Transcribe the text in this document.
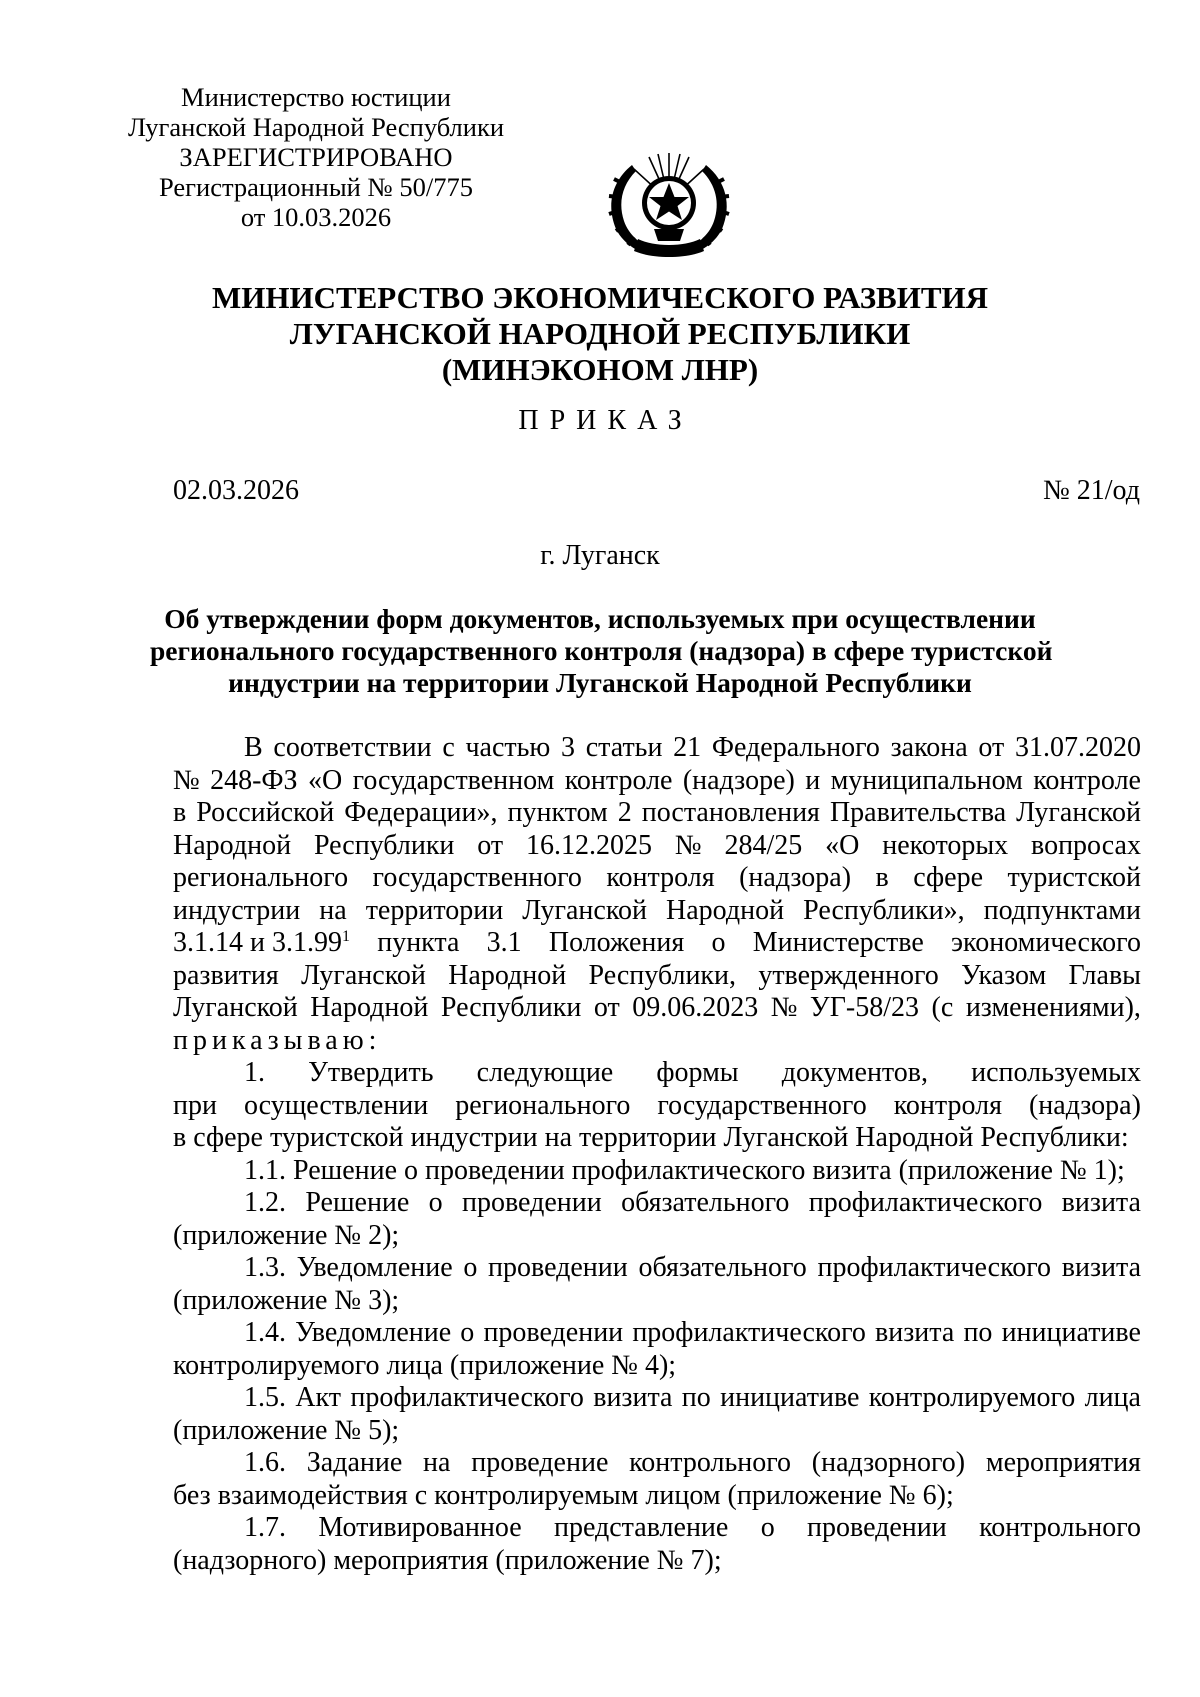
Министерство юстиции
Луганской Народной Республики
ЗАРЕГИСТРИРОВАНО
Регистрационный № 50/775
от 10.03.2026
МИНИСТЕРСТВО ЭКОНОМИЧЕСКОГО РАЗВИТИЯ
ЛУГАНСКОЙ НАРОДНОЙ РЕСПУБЛИКИ
(МИНЭКОНОМ ЛНР)
ПРИКАЗ
02.03.2026	№ 21/од
г. Луганск
Об утверждении форм документов, используемых при осуществлении
регионального государственного контроля (надзора) в сфере туристской
индустрии на территории Луганской Народной Республики
В соответствии с частью 3 статьи 21 Федерального закона от 31.07.2020
№ 248-ФЗ «О государственном контроле (надзоре) и муниципальном контроле
в Российской Федерации», пунктом 2 постановления Правительства Луганской
Народной Республики от 16.12.2025 № 284/25 «О некоторых вопросах
регионального государственного контроля (надзора) в сфере туристской
индустрии на территории Луганской Народной Республики», подпунктами
3.1.14 и 3.1.99$^1$ пункта 3.1 Положения о Министерстве экономического
развития Луганской Народной Республики, утвержденного Указом Главы
Луганской Народной Республики от 09.06.2023 № УГ-58/23 (с изменениями),
приказываю:
1. Утвердить следующие формы документов, используемых
при осуществлении регионального государственного контроля (надзора)
в сфере туристской индустрии на территории Луганской Народной Республики:
1.1. Решение о проведении профилактического визита (приложение № 1);
1.2. Решение о проведении обязательного профилактического визита
(приложение № 2);
1.3. Уведомление о проведении обязательного профилактического визита
(приложение № 3);
1.4. Уведомление о проведении профилактического визита по инициативе
контролируемого лица (приложение № 4);
1.5. Акт профилактического визита по инициативе контролируемого лица
(приложение № 5);
1.6. Задание на проведение контрольного (надзорного) мероприятия
без взаимодействия с контролируемым лицом (приложение № 6);
1.7. Мотивированное представление о проведении контрольного
(надзорного) мероприятия (приложение № 7);
